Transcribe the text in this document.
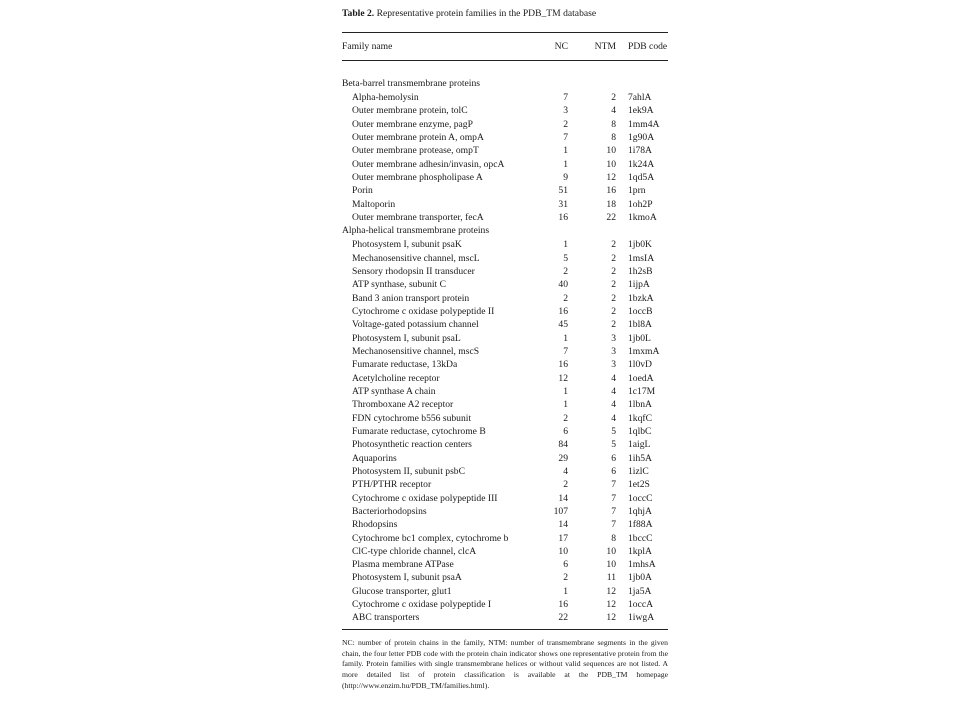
Table 2. Representative protein families in the PDB_TM database
Family name	NC	NTM	PDB code
Beta-barrel transmembrane proteins
Alpha-hemolysin	7	2	7ahlA
Outer membrane protein, tolC	3	4	1ek9A
Outer membrane enzyme, pagP	2	8	1mm4A
Outer membrane protein A, ompA	7	8	1g90A
Outer membrane protease, ompT	1	10	1i78A
Outer membrane adhesin/invasin, opcA	1	10	1k24A
Outer membrane phospholipase A	9	12	1qd5A
Porin	51	16	1prn
Maltoporin	31	18	1oh2P
Outer membrane transporter, fecA	16	22	1kmoA
Alpha-helical transmembrane proteins
Photosystem I, subunit psaK	1	2	1jb0K
Mechanosensitive channel, mscL	5	2	1msIA
Sensory rhodopsin II transducer	2	2	1h2sB
ATP synthase, subunit C	40	2	1ijpA
Band 3 anion transport protein	2	2	1bzkA
Cytochrome c oxidase polypeptide II	16	2	1occB
Voltage-gated potassium channel	45	2	1bl8A
Photosystem I, subunit psaL	1	3	1jb0L
Mechanosensitive channel, mscS	7	3	1mxmA
Fumarate reductase, 13kDa	16	3	1l0vD
Acetylcholine receptor	12	4	1oedA
ATP synthase A chain	1	4	1c17M
Thromboxane A2 receptor	1	4	1lbnA
FDN cytochrome b556 subunit	2	4	1kqfC
Fumarate reductase, cytochrome B	6	5	1qlbC
Photosynthetic reaction centers	84	5	1aigL
Aquaporins	29	6	1ih5A
Photosystem II, subunit psbC	4	6	1izlC
PTH/PTHR receptor	2	7	1et2S
Cytochrome c oxidase polypeptide III	14	7	1occC
Bacteriorhodopsins	107	7	1qhjA
Rhodopsins	14	7	1f88A
Cytochrome bc1 complex, cytochrome b	17	8	1bccC
ClC-type chloride channel, clcA	10	10	1kplA
Plasma membrane ATPase	6	10	1mhsA
Photosystem I, subunit psaA	2	11	1jb0A
Glucose transporter, glut1	1	12	1ja5A
Cytochrome c oxidase polypeptide I	16	12	1occA
ABC transporters	22	12	1iwgA
NC: number of protein chains in the family, NTM: number of transmembrane segments in the given chain, the four letter PDB code with the protein chain indicator shows one representative protein from the family. Protein families with single transmembrane helices or without valid sequences are not listed. A more detailed list of protein classification is available at the PDB_TM homepage (http://www.enzim.hu/PDB_TM/families.html).
